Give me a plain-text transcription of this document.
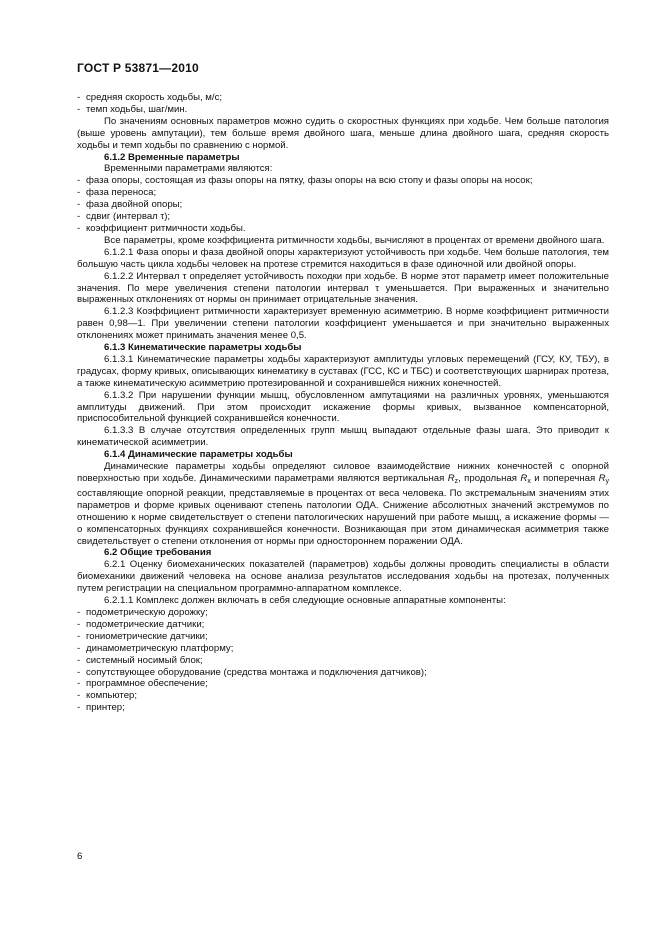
ГОСТ Р 53871—2010

- средняя скорость ходьбы, м/с;

- темп ходьбы, шаг/мин.

По значениям основных параметров можно судить о скоростных функциях при ходьбе. Чем больше патология (выше уровень ампутации), тем больше время двойного шага, меньше длина двойного шага, средняя скорость ходьбы и темп ходьбы по сравнению с нормой.

6.1.2 Временные параметры

Временными параметрами являются:

- фаза опоры, состоящая из фазы опоры на пятку, фазы опоры на всю стопу и фазы опоры на носок;

- фаза переноса;

- фаза двойной опоры;

- сдвиг (интервал τ);

- коэффициент ритмичности ходьбы.

Все параметры, кроме коэффициента ритмичности ходьбы, вычисляют в процентах от времени двойного шага.

6.1.2.1 Фаза опоры и фаза двойной опоры характеризуют устойчивость при ходьбе. Чем больше патология, тем большую часть цикла ходьбы человек на протезе стремится находиться в фазе одиночной или двойной опоры.

6.1.2.2 Интервал τ определяет устойчивость походки при ходьбе. В норме этот параметр имеет положительные значения. По мере увеличения степени патологии интервал τ уменьшается. При выраженных и значительно выраженных отклонениях от нормы он принимает отрицательные значения.

6.1.2.3 Коэффициент ритмичности характеризует временную асимметрию. В норме коэффициент ритмичности равен 0,98—1. При увеличении степени патологии коэффициент уменьшается и при значительно выраженных отклонениях может принимать значения менее 0,5.

6.1.3 Кинематические параметры ходьбы

6.1.3.1 Кинематические параметры ходьбы характеризуют амплитуды угловых перемещений (ГСУ, КУ, ТБУ), в градусах, форму кривых, описывающих кинематику в суставах (ГСС, КС и ТБС) и соответствующих шарнирах протеза, а также кинематическую асимметрию протезированной и сохранившейся нижних конечностей.

6.1.3.2 При нарушении функции мышц, обусловленном ампутациями на различных уровнях, уменьшаются амплитуды движений. При этом происходит искажение формы кривых, вызванное компенсаторной, приспособительной функцией сохранившейся конечности.

6.1.3.3 В случае отсутствия определенных групп мышц выпадают отдельные фазы шага. Это приводит к кинематической асимметрии.

6.1.4 Динамические параметры ходьбы

Динамические параметры ходьбы определяют силовое взаимодействие нижних конечностей с опорной поверхностью при ходьбе. Динамическими параметрами являются вертикальная $R_z$, продольная $R_x$ и поперечная $R_y$ составляющие опорной реакции, представляемые в процентах от веса человека. По экстремальным значениям этих параметров и форме кривых оценивают степень патологии ОДА. Снижение абсолютных значений экстремумов по отношению к норме свидетельствует о степени патологических нарушений при работе мышц, а искажение формы — о компенсаторных функциях сохранившейся конечности. Возникающая при этом динамическая асимметрия также свидетельствует о степени отклонения от нормы при одностороннем поражении ОДА.

6.2 Общие требования

6.2.1 Оценку биомеханических показателей (параметров) ходьбы должны проводить специалисты в области биомеханики движений человека на основе анализа результатов исследования ходьбы на протезах, полученных путем регистрации на специальном программно-аппаратном комплексе.

6.2.1.1 Комплекс должен включать в себя следующие основные аппаратные компоненты:

- подометрическую дорожку;

- подометрические датчики;

- гониометрические датчики;

- динамометрическую платформу;

- системный носимый блок;

- сопутствующее оборудование (средства монтажа и подключения датчиков);

- программное обеспечение;

- компьютер;

- принтер;

6
